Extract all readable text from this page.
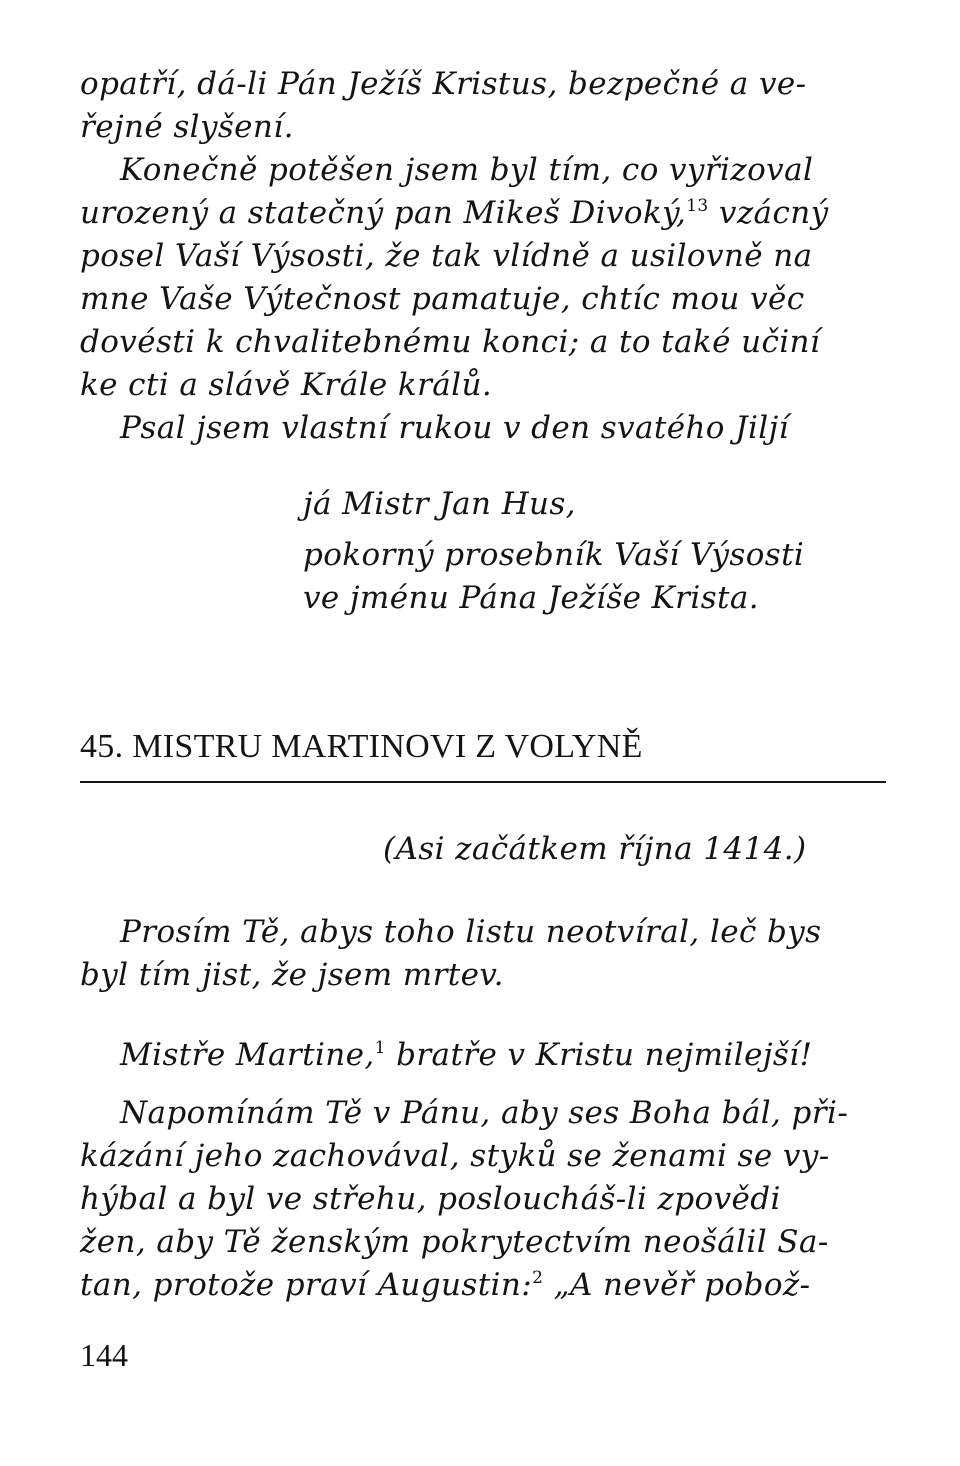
opatří, dá-li Pán Ježíš Kristus, bezpečné a ve-
řejné slyšení.
Konečně potěšen jsem byl tím, co vyřizoval
urozený a statečný pan Mikeš Divoký,$^{13}$ vzácný
posel Vaší Výsosti, že tak vlídně a usilovně na
mne Vaše Výtečnost pamatuje, chtíc mou věc
dovésti k chvalitebnému konci; a to také učiní
ke cti a slávě Krále králů.
Psal jsem vlastní rukou v den svatého Jiljí
já Mistr Jan Hus,
pokorný prosebník Vaší Výsosti
ve jménu Pána Ježíše Krista.
45. MISTRU MARTINOVI Z VOLYNĚ
(Asi začátkem října 1414.)
Prosím Tě, abys toho listu neotvíral, leč bys
byl tím jist, že jsem mrtev.
Mistře Martine,$^1$ bratře v Kristu nejmilejší!
Napomínám Tě v Pánu, aby ses Boha bál, při-
kázání jeho zachovával, styků se ženami se vy-
hýbal a byl ve střehu, posloucháš-li zpovědi
žen, aby Tě ženským pokrytectvím neošálil Sa-
tan, protože praví Augustin:$^2$ „A nevěř pobož-
144
